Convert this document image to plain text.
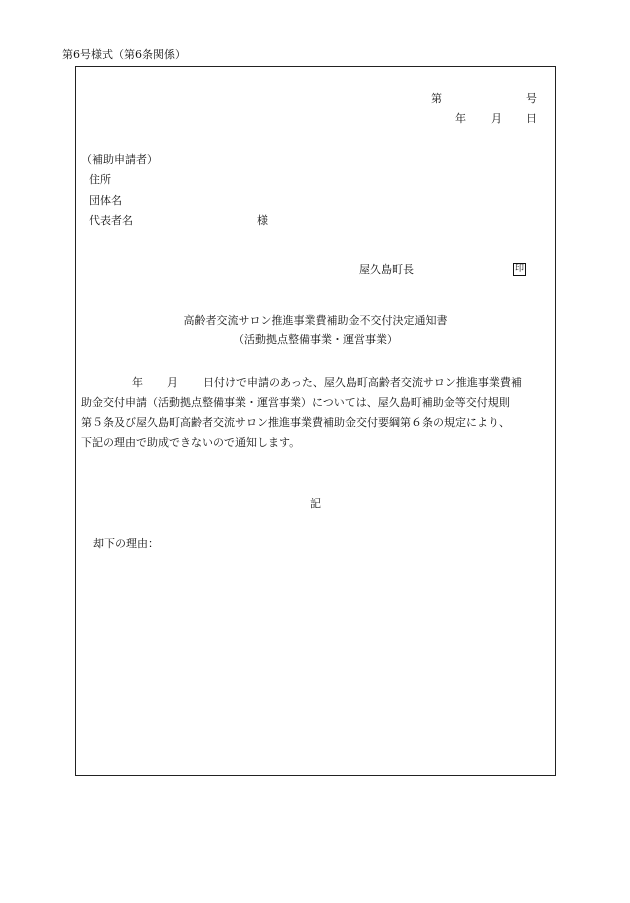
第6号様式（第6条関係）
第	号
年 月 日
（補助申請者）
住所
団体名
代表者名	様
屋久島町長	印
高齢者交流サロン推進事業費補助金不交付決定通知書
（活動拠点整備事業・運営事業）
年 月 日付けで申請のあった、屋久島町高齢者交流サロン推進事業費補
助金交付申請（活動拠点整備事業・運営事業）については、屋久島町補助金等交付規則
第５条及び屋久島町高齢者交流サロン推進事業費補助金交付要綱第６条の規定により、
下記の理由で助成できないので通知します。
記
却下の理由：
